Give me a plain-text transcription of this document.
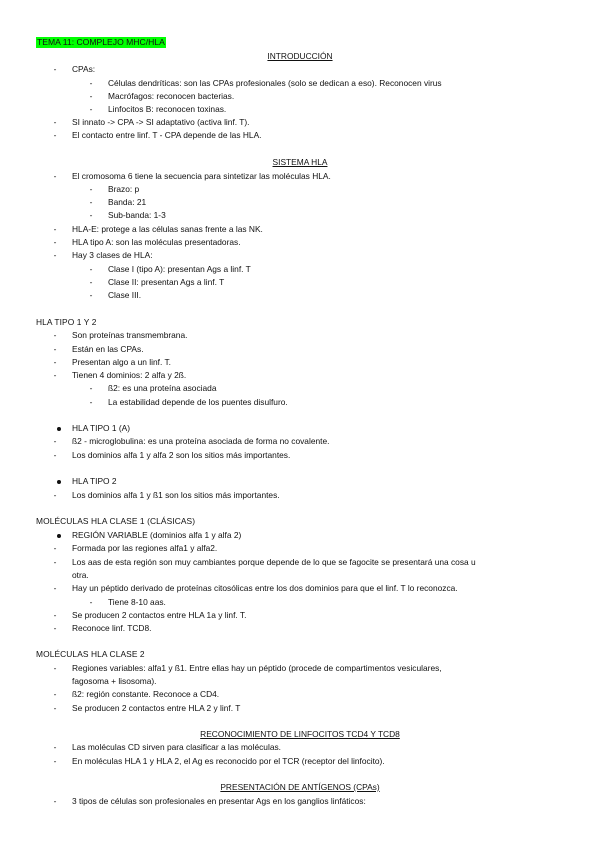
TEMA 11: COMPLEJO MHC/HLA
INTRODUCCIÓN
-	CPAs:
-	Células dendríticas: son las CPAs profesionales (solo se dedican a eso). Reconocen virus
-	Macrófagos: reconocen bacterias.
-	Linfocitos B: reconocen toxinas.
-	SI innato -> CPA -> SI adaptativo (activa linf. T).
-	El contacto entre linf. T - CPA depende de las HLA.
SISTEMA HLA
-	El cromosoma 6 tiene la secuencia para sintetizar las moléculas HLA.
-	Brazo: p
-	Banda: 21
-	Sub-banda: 1-3
-	HLA-E: protege a las células sanas frente a las NK.
-	HLA tipo A: son las moléculas presentadoras.
-	Hay 3 clases de HLA:
-	Clase I (tipo A): presentan Ags a linf. T
-	Clase II: presentan Ags a linf. T
-	Clase III.
HLA TIPO 1 Y 2
-	Son proteínas transmembrana.
-	Están en las CPAs.
-	Presentan algo a un linf. T.
-	Tienen 4 dominios: 2 alfa y 2ß.
-	ß2: es una proteína asociada
-	La estabilidad depende de los puentes disulfuro.
HLA TIPO 1 (A)
-	ß2 - microglobulina: es una proteína asociada de forma no covalente.
-	Los dominios alfa 1 y alfa 2 son los sitios más importantes.
HLA TIPO 2
-	Los dominios alfa 1 y ß1 son los sitios más importantes.
MOLÉCULAS HLA CLASE 1 (CLÁSICAS)
REGIÓN VARIABLE (dominios alfa 1 y alfa 2)
-	Formada por las regiones alfa1 y alfa2.
-	Los aas de esta región son muy cambiantes porque depende de lo que se fagocite se presentará una cosa u
otra.
-	Hay un péptido derivado de proteínas citosólicas entre los dos dominios para que el linf. T lo reconozca.
-	Tiene 8-10 aas.
-	Se producen 2 contactos entre HLA 1a y linf. T.
-	Reconoce linf. TCD8.
MOLÉCULAS HLA CLASE 2
-	Regiones variables: alfa1 y ß1. Entre ellas hay un péptido (procede de compartimentos vesiculares,
fagosoma + lisosoma).
-	ß2: región constante. Reconoce a CD4.
-	Se producen 2 contactos entre HLA 2 y linf. T
RECONOCIMIENTO DE LINFOCITOS TCD4 Y TCD8
-	Las moléculas CD sirven para clasificar a las moléculas.
-	En moléculas HLA 1 y HLA 2, el Ag es reconocido por el TCR (receptor del linfocito).
PRESENTACIÓN DE ANTÍGENOS (CPAs)
-	3 tipos de células son profesionales en presentar Ags en los ganglios linfáticos:
